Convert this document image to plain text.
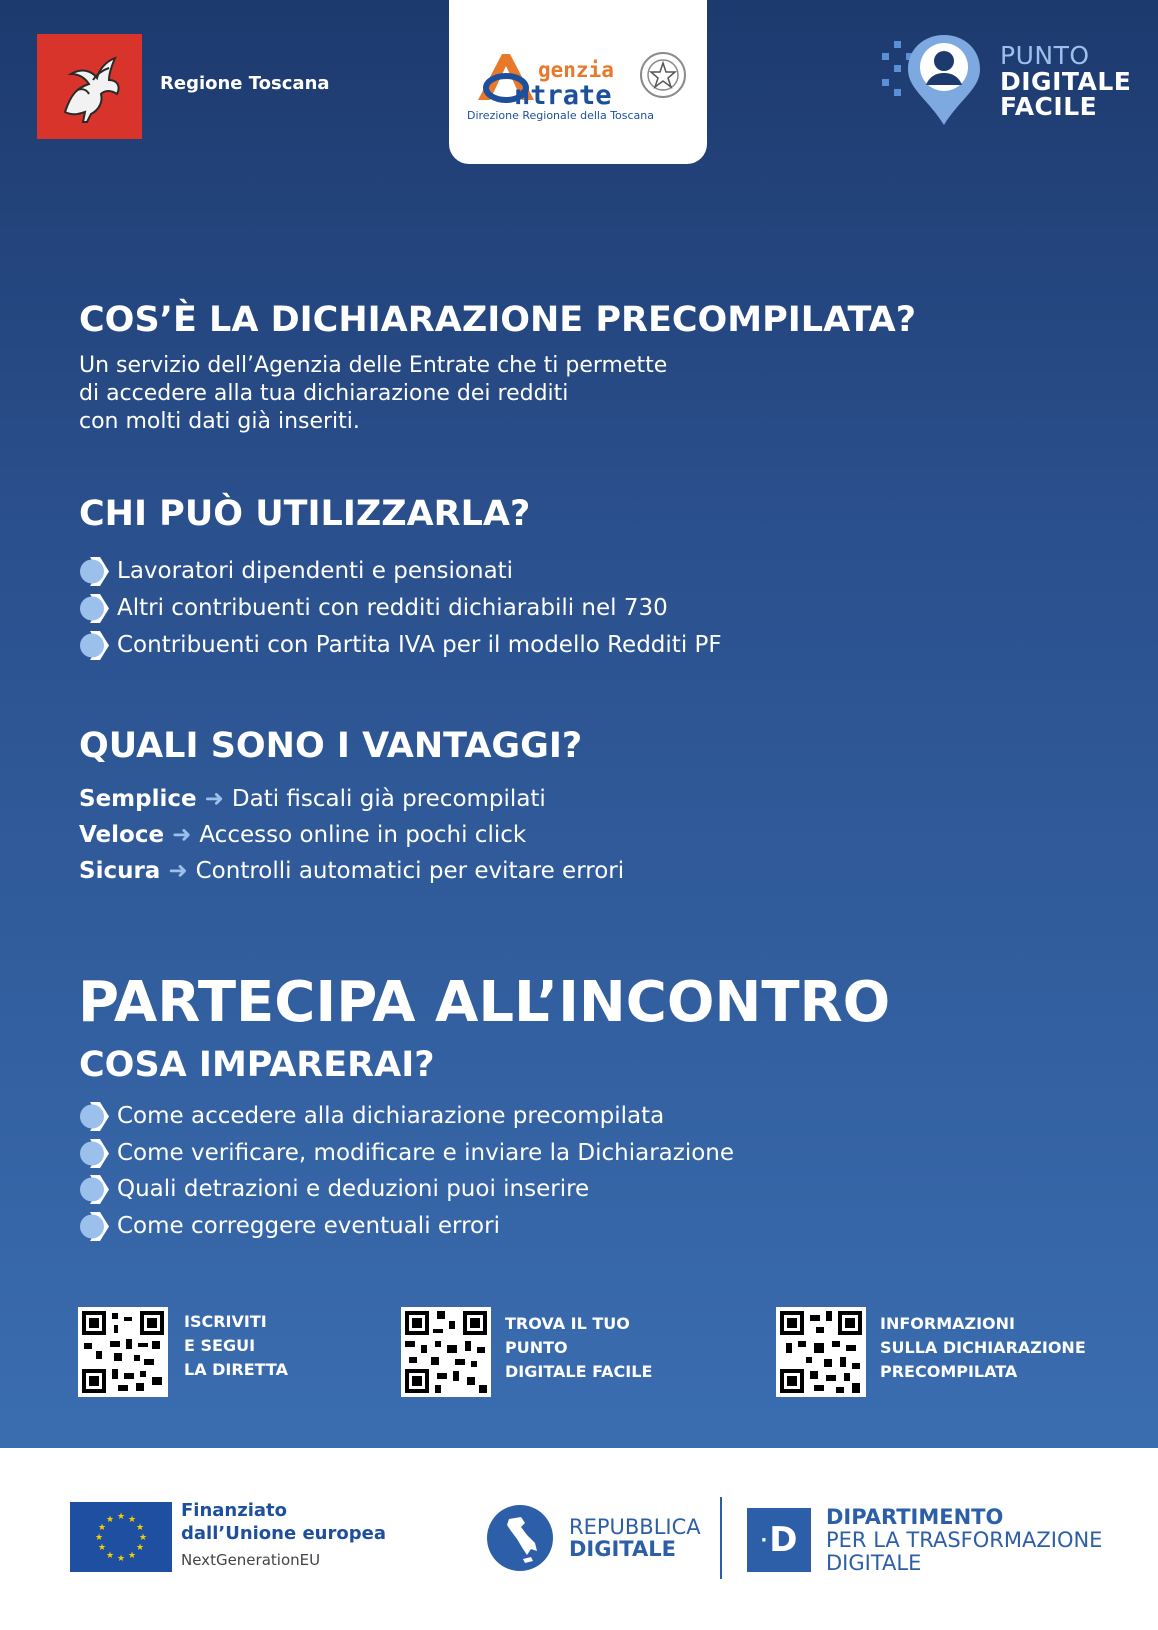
Regione Toscana
genzia
ntrate
Direzione Regionale della Toscana
PUNTO
DIGITALE
FACILE
COS’È LA DICHIARAZIONE PRECOMPILATA?
Un servizio dell’Agenzia delle Entrate che ti permette
di accedere alla tua dichiarazione dei redditi
con molti dati già inseriti.
CHI PUÒ UTILIZZARLA?
Lavoratori dipendenti e pensionati
Altri contribuenti con redditi dichiarabili nel 730
Contribuenti con Partita IVA per il modello Redditi PF
QUALI SONO I VANTAGGI?
Semplice ➜ Dati fiscali già precompilati
Veloce ➜ Accesso online in pochi click
Sicura ➜ Controlli automatici per evitare errori
PARTECIPA ALL’INCONTRO
COSA IMPARERAI?
Come accedere alla dichiarazione precompilata
Come verificare, modificare e inviare la Dichiarazione
Quali detrazioni e deduzioni puoi inserire
Come correggere eventuali errori
ISCRIVITI
E SEGUI
LA DIRETTA
TROVA IL TUO
PUNTO
DIGITALE FACILE
INFORMAZIONI
SULLA DICHIARAZIONE
PRECOMPILATA
★ ★
★
★
★
★
★
★
★
★
★
★	Finanziato
dall’Unione europea
NextGenerationEU
REPUBBLICA
DIGITALE	· D
DIPARTIMENTO
PER LA TRASFORMAZIONE
DIGITALE
